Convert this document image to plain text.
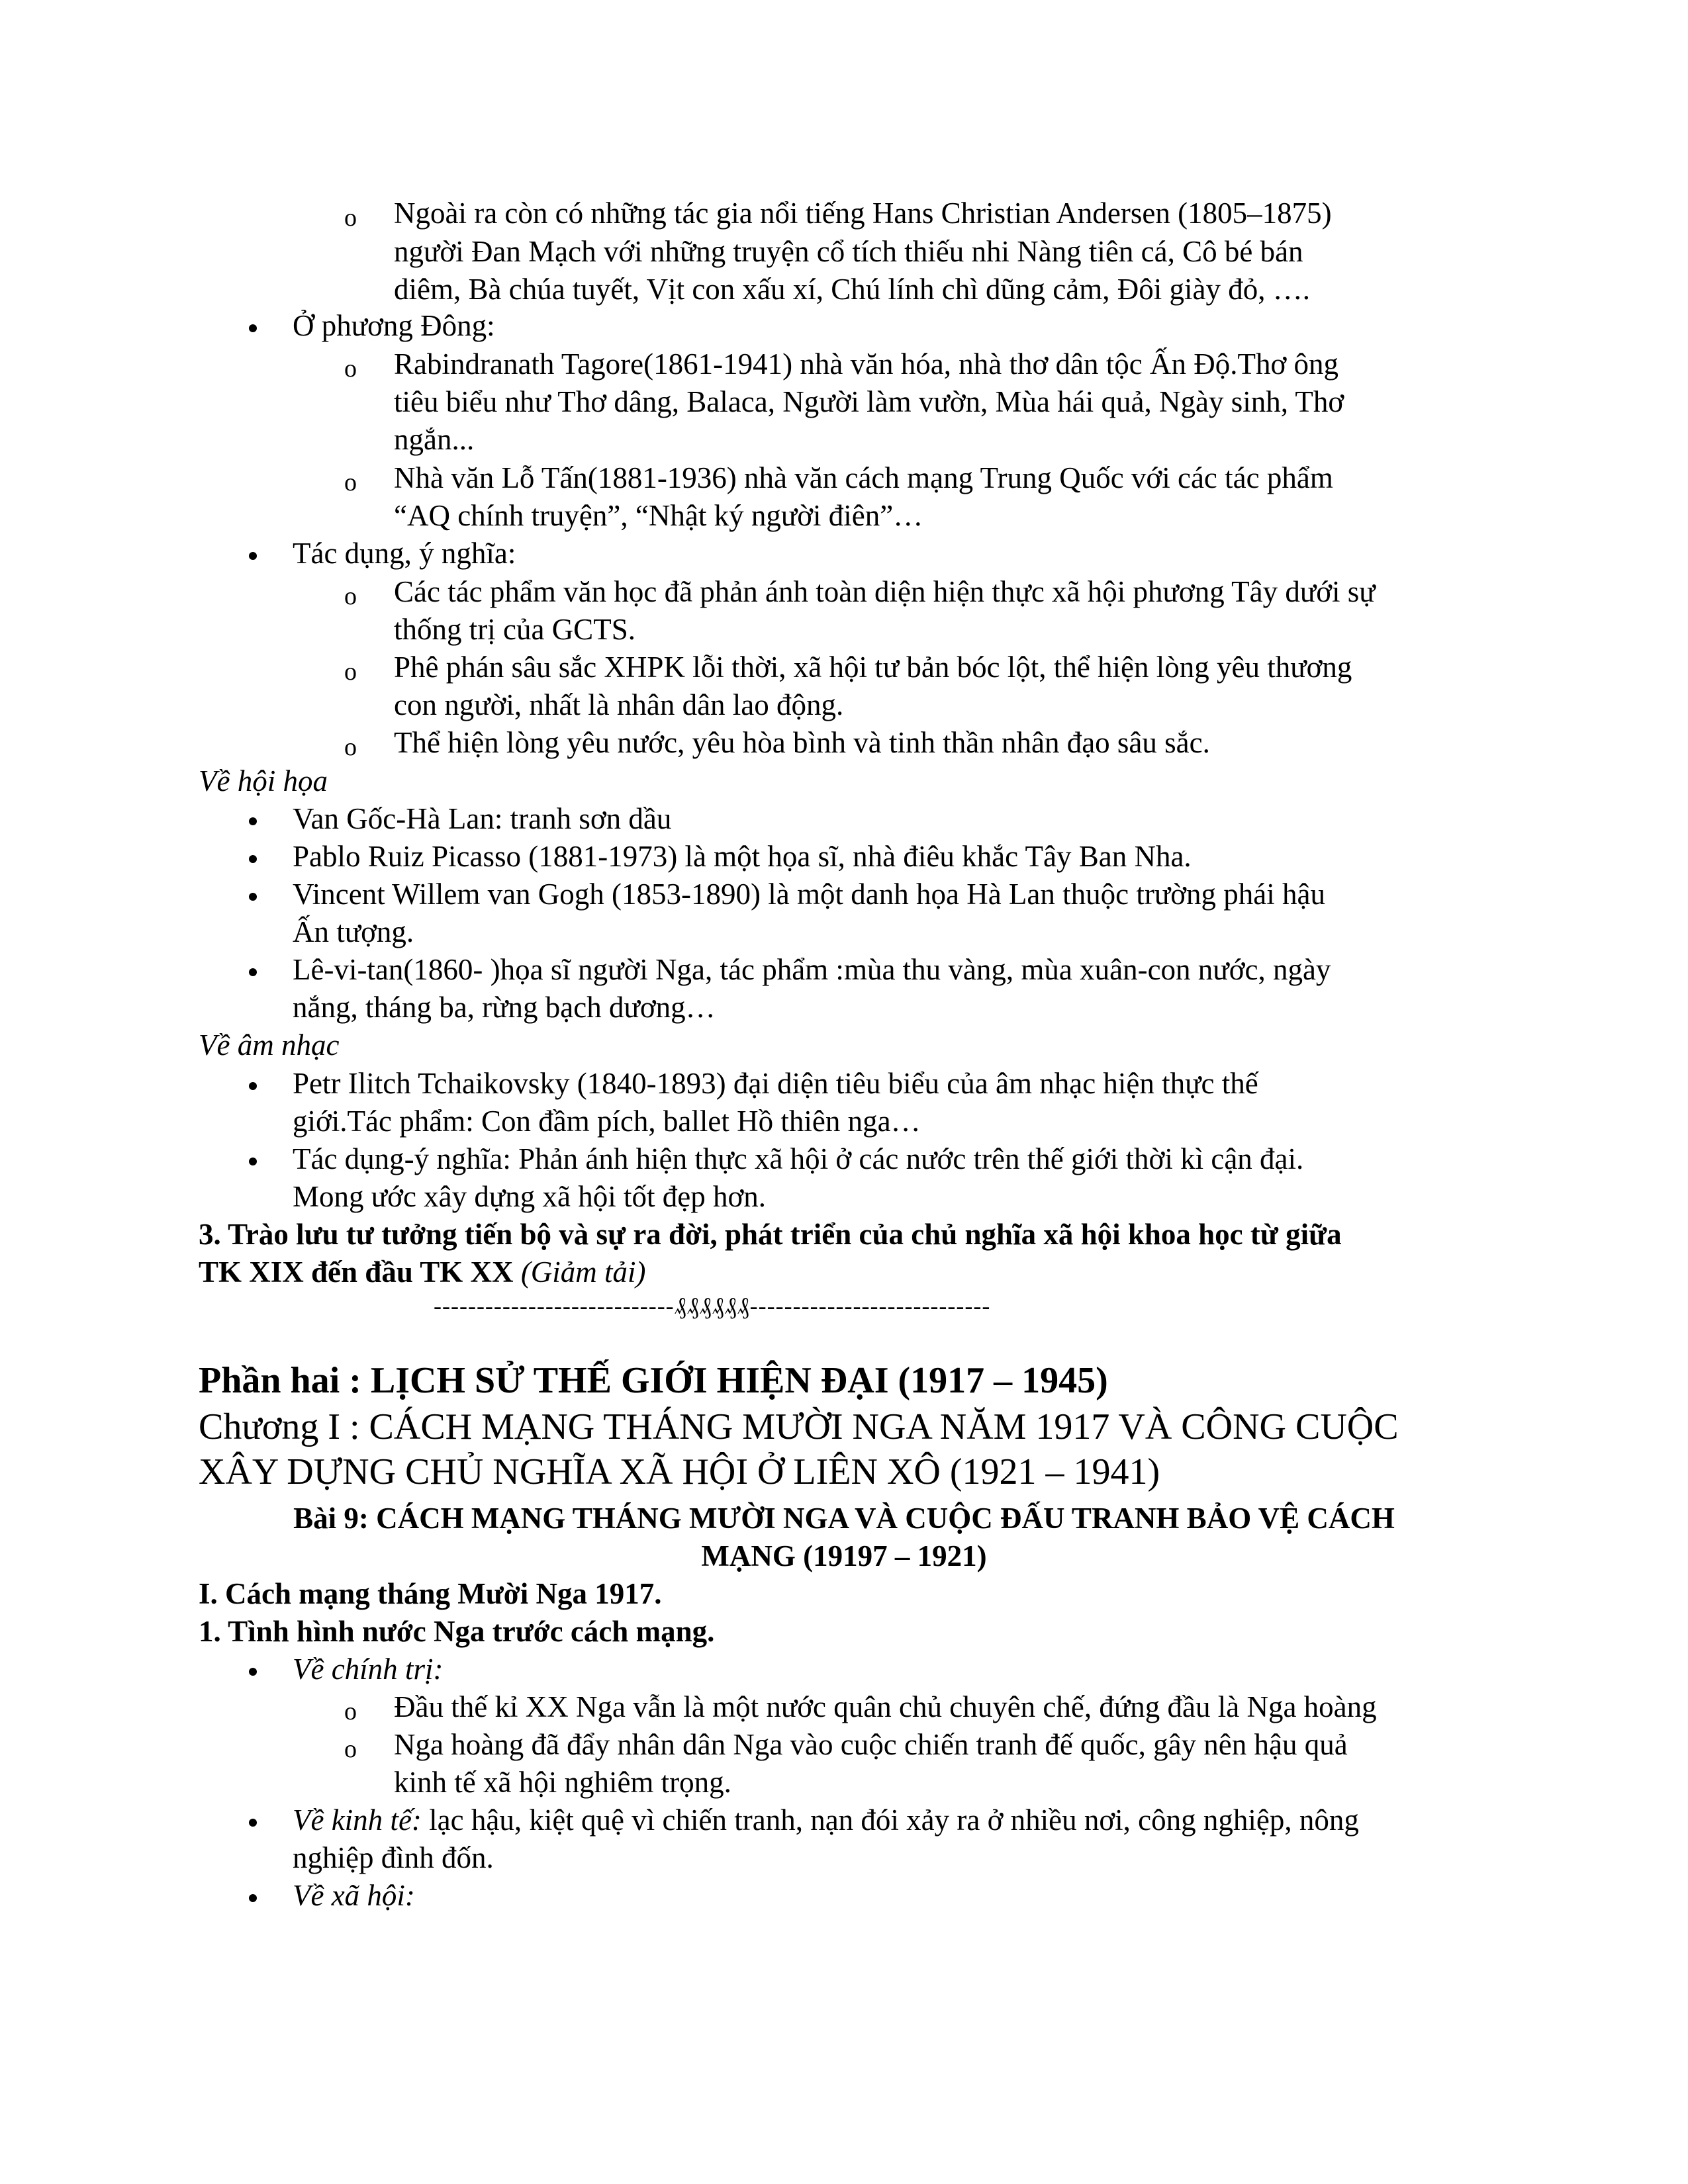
o Ngoài ra còn có những tác gia nổi tiếng Hans Christian Andersen (1805–1875)
người Đan Mạch với những truyện cổ tích thiếu nhi Nàng tiên cá, Cô bé bán
diêm, Bà chúa tuyết, Vịt con xấu xí, Chú lính chì dũng cảm, Đôi giày đỏ, ….
Ở phương Đông:
o Rabindranath Tagore(1861-1941) nhà văn hóa, nhà thơ dân tộc Ấn Độ.Thơ ông
tiêu biểu như Thơ dâng, Balaca, Người làm vườn, Mùa hái quả, Ngày sinh, Thơ
ngắn...
o Nhà văn Lỗ Tấn(1881-1936) nhà văn cách mạng Trung Quốc với các tác phẩm
“AQ chính truyện”, “Nhật ký người điên”…
Tác dụng, ý nghĩa:
o Các tác phẩm văn học đã phản ánh toàn diện hiện thực xã hội phương Tây dưới sự
thống trị của GCTS.
o Phê phán sâu sắc XHPK lỗi thời, xã hội tư bản bóc lột, thể hiện lòng yêu thương
con người, nhất là nhân dân lao động.
o Thể hiện lòng yêu nước, yêu hòa bình và tinh thần nhân đạo sâu sắc.
Về hội họa
Van Gốc-Hà Lan: tranh sơn dầu
Pablo Ruiz Picasso (1881-1973) là một họa sĩ, nhà điêu khắc Tây Ban Nha.
Vincent Willem van Gogh (1853-1890) là một danh họa Hà Lan thuộc trường phái hậu
Ấn tượng.
Lê-vi-tan(1860- )họa sĩ người Nga, tác phẩm :mùa thu vàng, mùa xuân-con nước, ngày
nắng, tháng ba, rừng bạch dương…
Về âm nhạc
Petr Ilitch Tchaikovsky (1840-1893) đại diện tiêu biểu của âm nhạc hiện thực thế
giới.Tác phẩm: Con đầm pích, ballet Hồ thiên nga…
Tác dụng-ý nghĩa: Phản ánh hiện thực xã hội ở các nước trên thế giới thời kì cận đại.
Mong ước xây dựng xã hội tốt đẹp hơn.
3. Trào lưu tư tưởng tiến bộ và sự ra đời, phát triển của chủ nghĩa xã hội khoa học từ giữa
TK XIX đến đầu TK XX (Giảm tải)
----------------------------₰₰₰₰₰₰----------------------------
Phần hai : LỊCH SỬ THẾ GIỚI HIỆN ĐẠI (1917 – 1945)
Chương I : CÁCH MẠNG THÁNG MƯỜI NGA NĂM 1917 VÀ CÔNG CUỘC
XÂY DỰNG CHỦ NGHĨA XÃ HỘI Ở LIÊN XÔ (1921 – 1941)
Bài 9: CÁCH MẠNG THÁNG MƯỜI NGA VÀ CUỘC ĐẤU TRANH BẢO VỆ CÁCH
MẠNG (19197 – 1921)
I. Cách mạng tháng Mười Nga 1917.
1. Tình hình nước Nga trước cách mạng.
Về chính trị:
o Đầu thế kỉ XX Nga vẫn là một nước quân chủ chuyên chế, đứng đầu là Nga hoàng
o Nga hoàng đã đẩy nhân dân Nga vào cuộc chiến tranh đế quốc, gây nên hậu quả
kinh tế xã hội nghiêm trọng.
Về kinh tế: lạc hậu, kiệt quệ vì chiến tranh, nạn đói xảy ra ở nhiều nơi, công nghiệp, nông
nghiệp đình đốn.
Về xã hội:
